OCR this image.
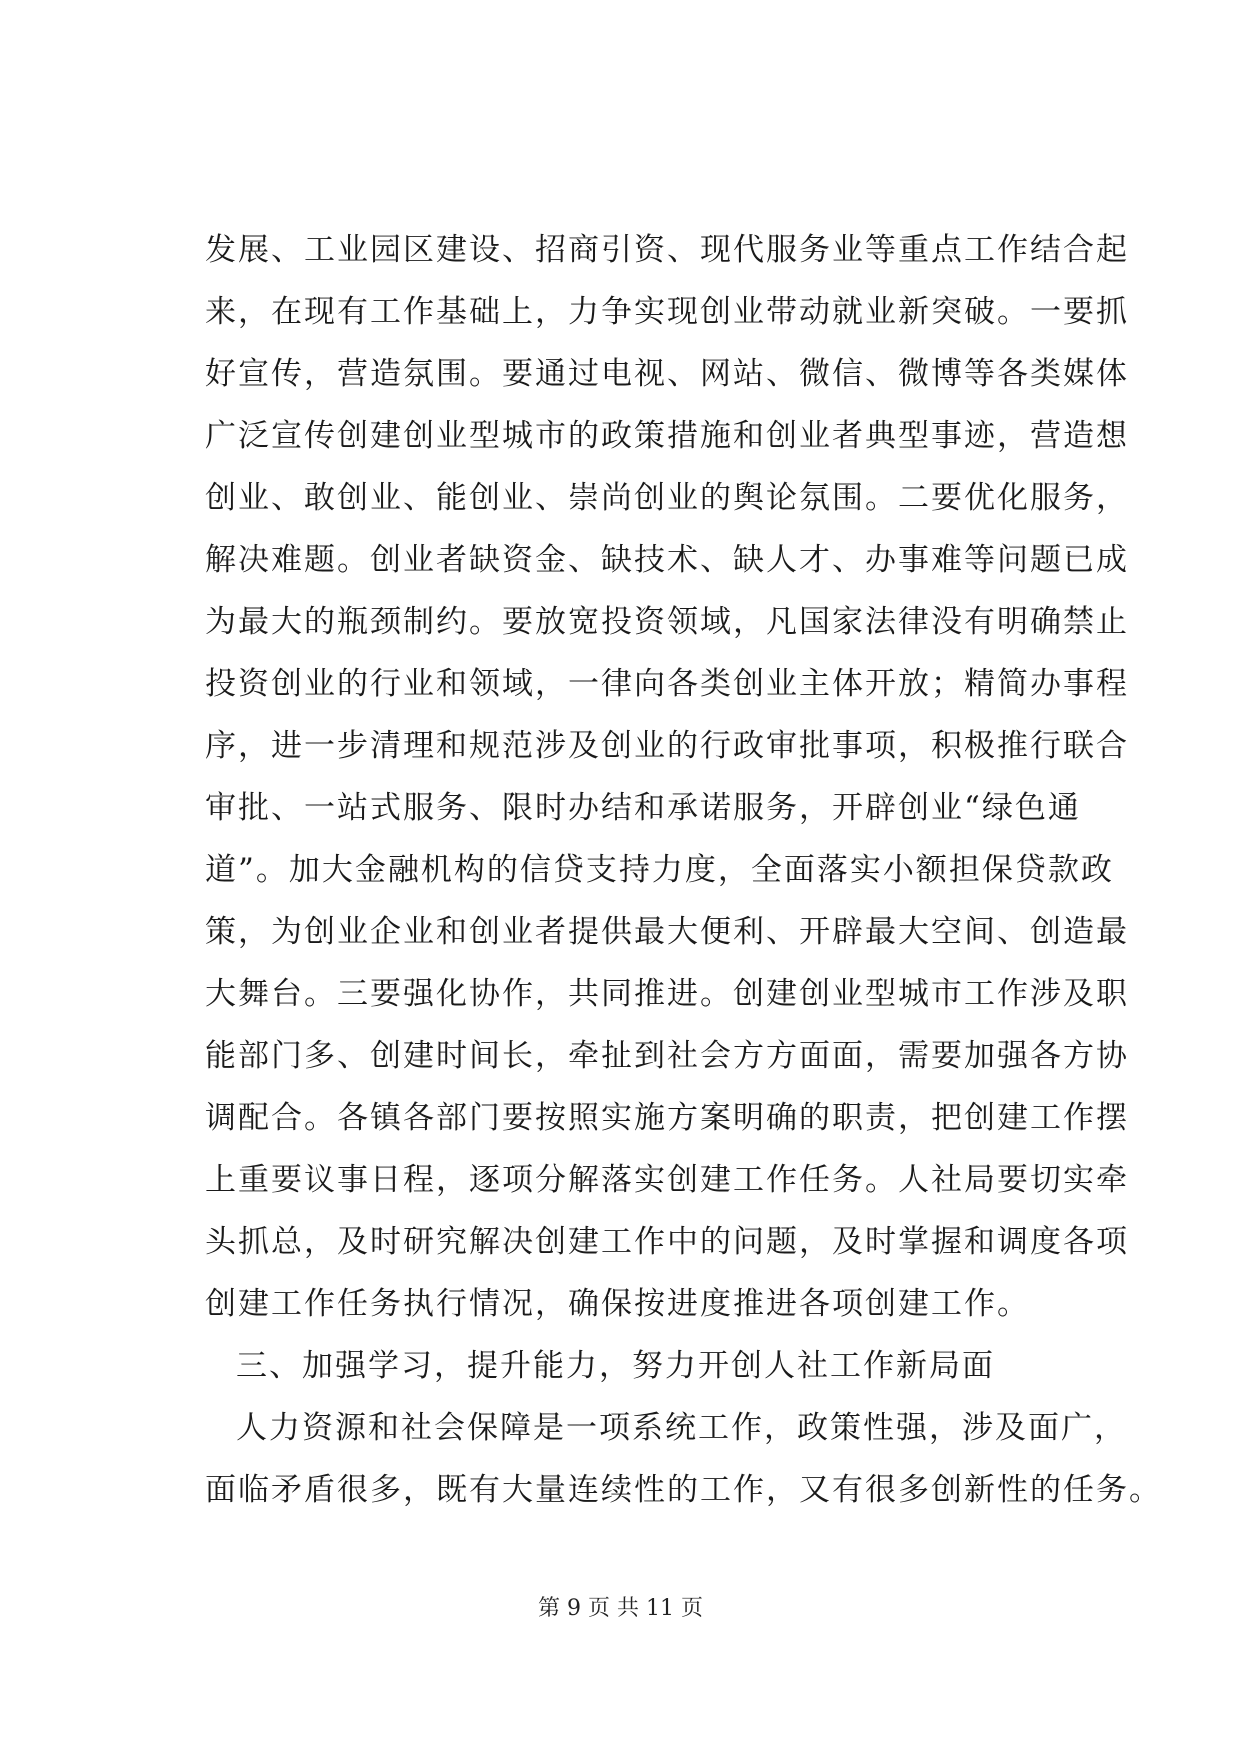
发展、工业园区建设、招商引资、现代服务业等重点工作结合起
来，在现有工作基础上，力争实现创业带动就业新突破。一要抓
好宣传，营造氛围。要通过电视、网站、微信、微博等各类媒体
广泛宣传创建创业型城市的政策措施和创业者典型事迹，营造想
创业、敢创业、能创业、崇尚创业的舆论氛围。二要优化服务，
解决难题。创业者缺资金、缺技术、缺人才、办事难等问题已成
为最大的瓶颈制约。要放宽投资领域，凡国家法律没有明确禁止
投资创业的行业和领域，一律向各类创业主体开放；精简办事程
序，进一步清理和规范涉及创业的行政审批事项，积极推行联合
审批、一站式服务、限时办结和承诺服务，开辟创业“绿色通
道”。加大金融机构的信贷支持力度，全面落实小额担保贷款政
策，为创业企业和创业者提供最大便利、开辟最大空间、创造最
大舞台。三要强化协作，共同推进。创建创业型城市工作涉及职
能部门多、创建时间长，牵扯到社会方方面面，需要加强各方协
调配合。各镇各部门要按照实施方案明确的职责，把创建工作摆
上重要议事日程，逐项分解落实创建工作任务。人社局要切实牵
头抓总，及时研究解决创建工作中的问题，及时掌握和调度各项
创建工作任务执行情况，确保按进度推进各项创建工作。
三、加强学习，提升能力，努力开创人社工作新局面
人力资源和社会保障是一项系统工作，政策性强，涉及面广，
面临矛盾很多，既有大量连续性的工作，又有很多创新性的任务。
第 9 页 共 11 页
